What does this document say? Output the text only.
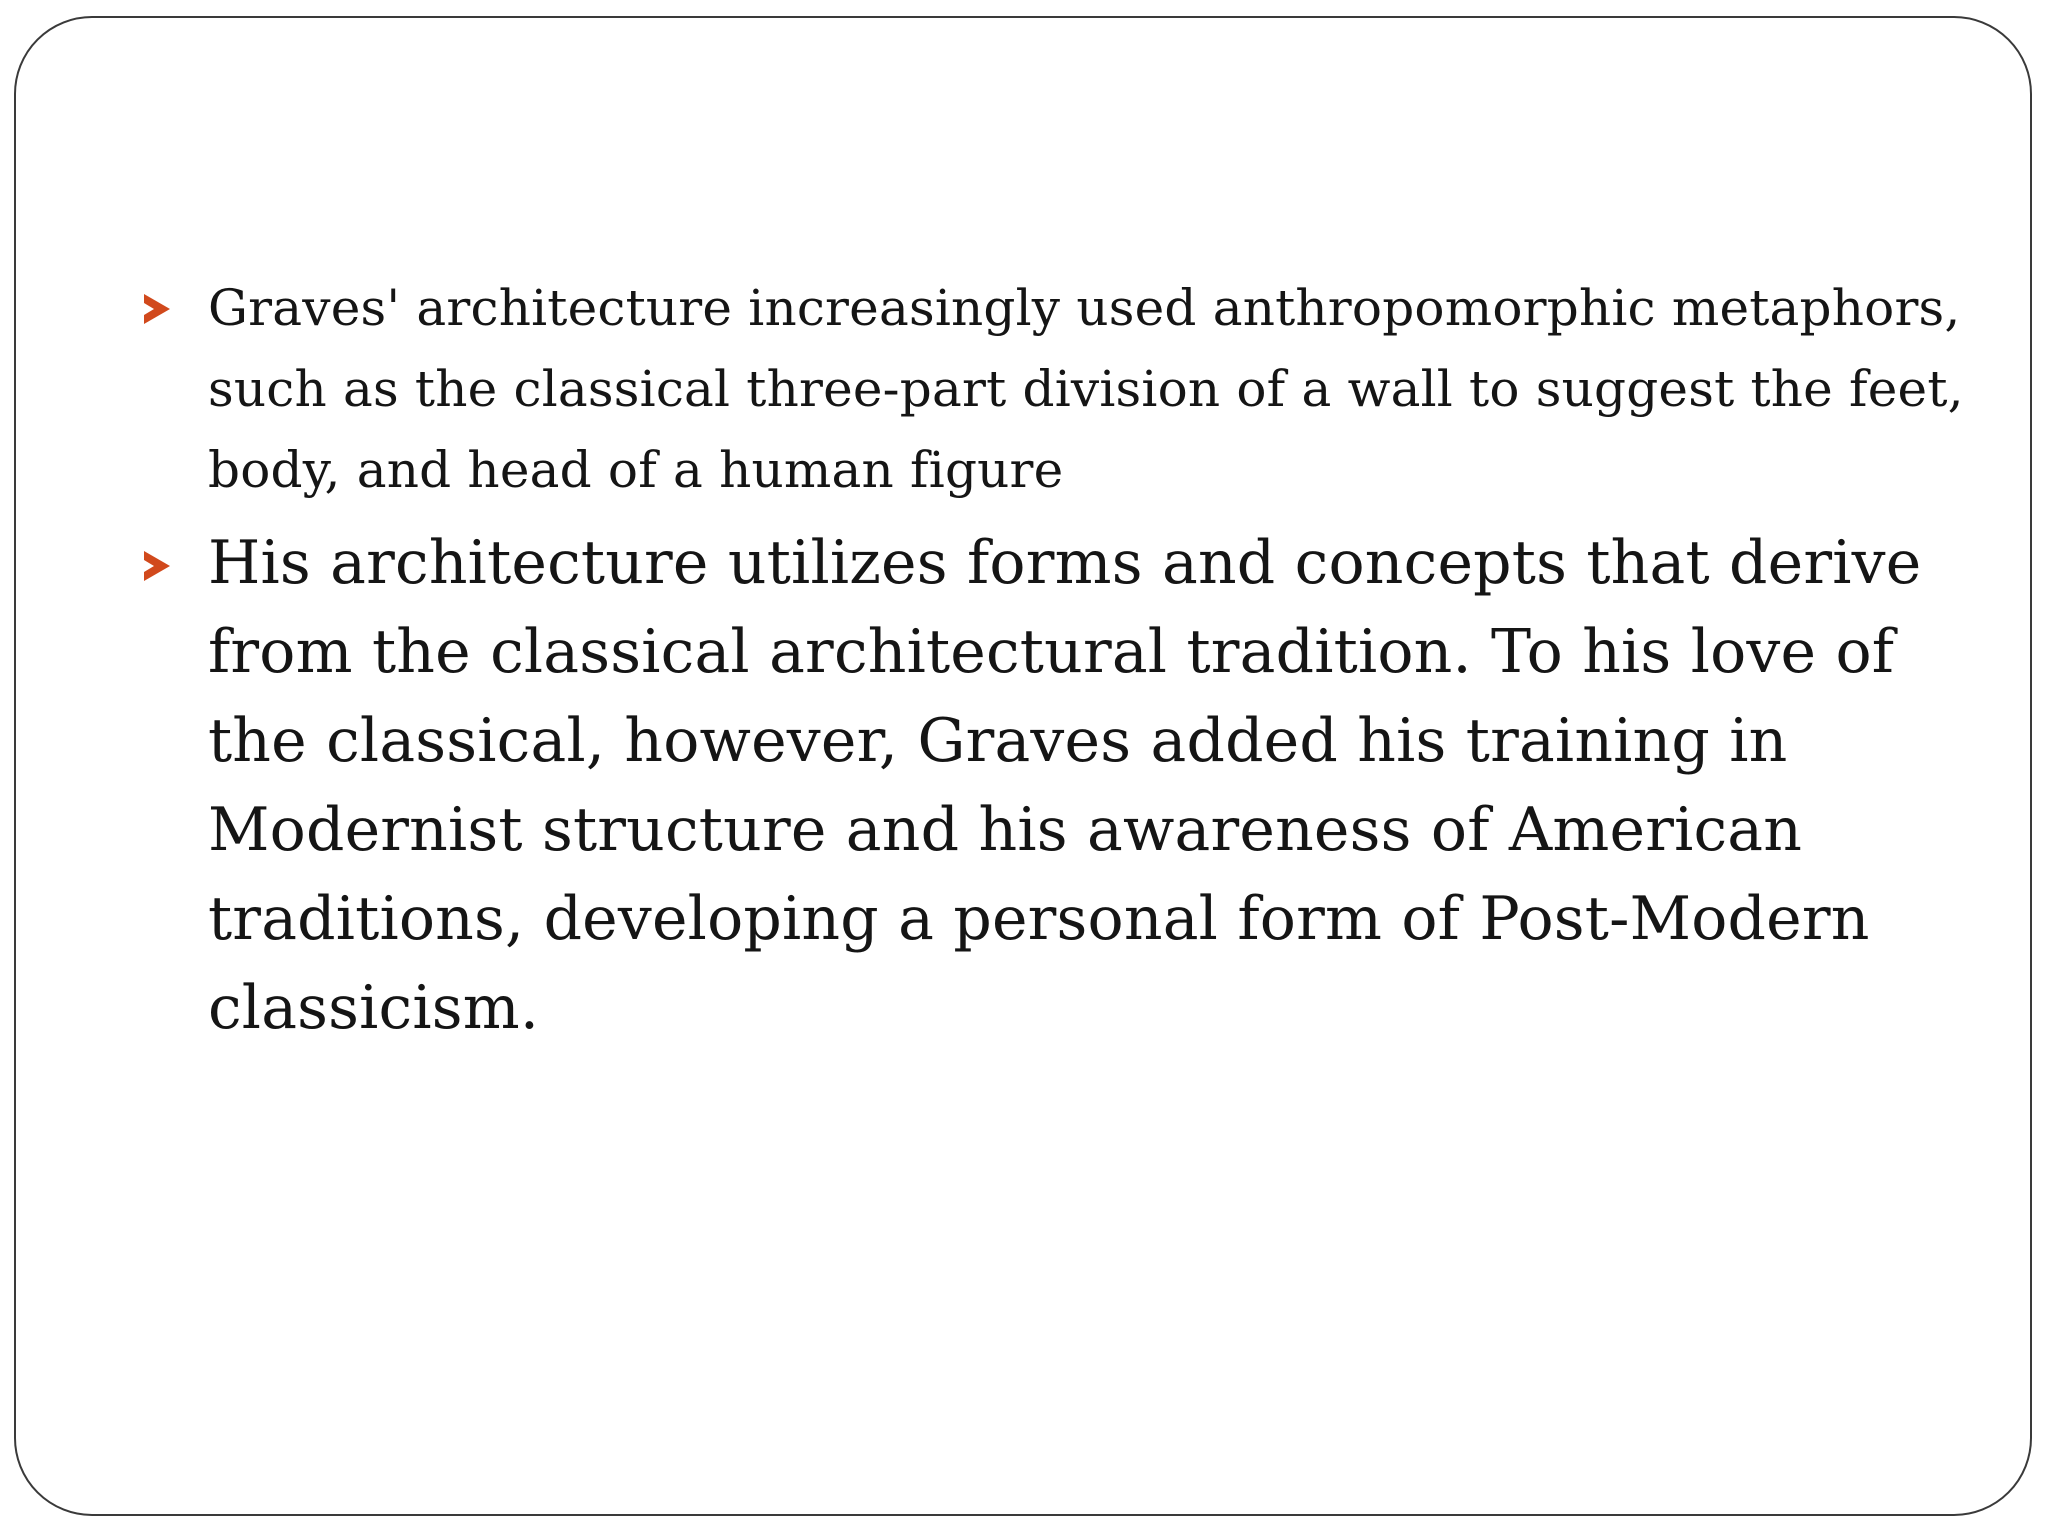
Graves' architecture increasingly used anthropomorphic metaphors, such as the classical three-part division of a wall to suggest the feet, body, and head of a human figure
His architecture utilizes forms and concepts that derive from the classical architectural tradition. To his love of the classical, however, Graves added his training in Modernist structure and his awareness of American traditions, developing a personal form of Post-Modern classicism.
